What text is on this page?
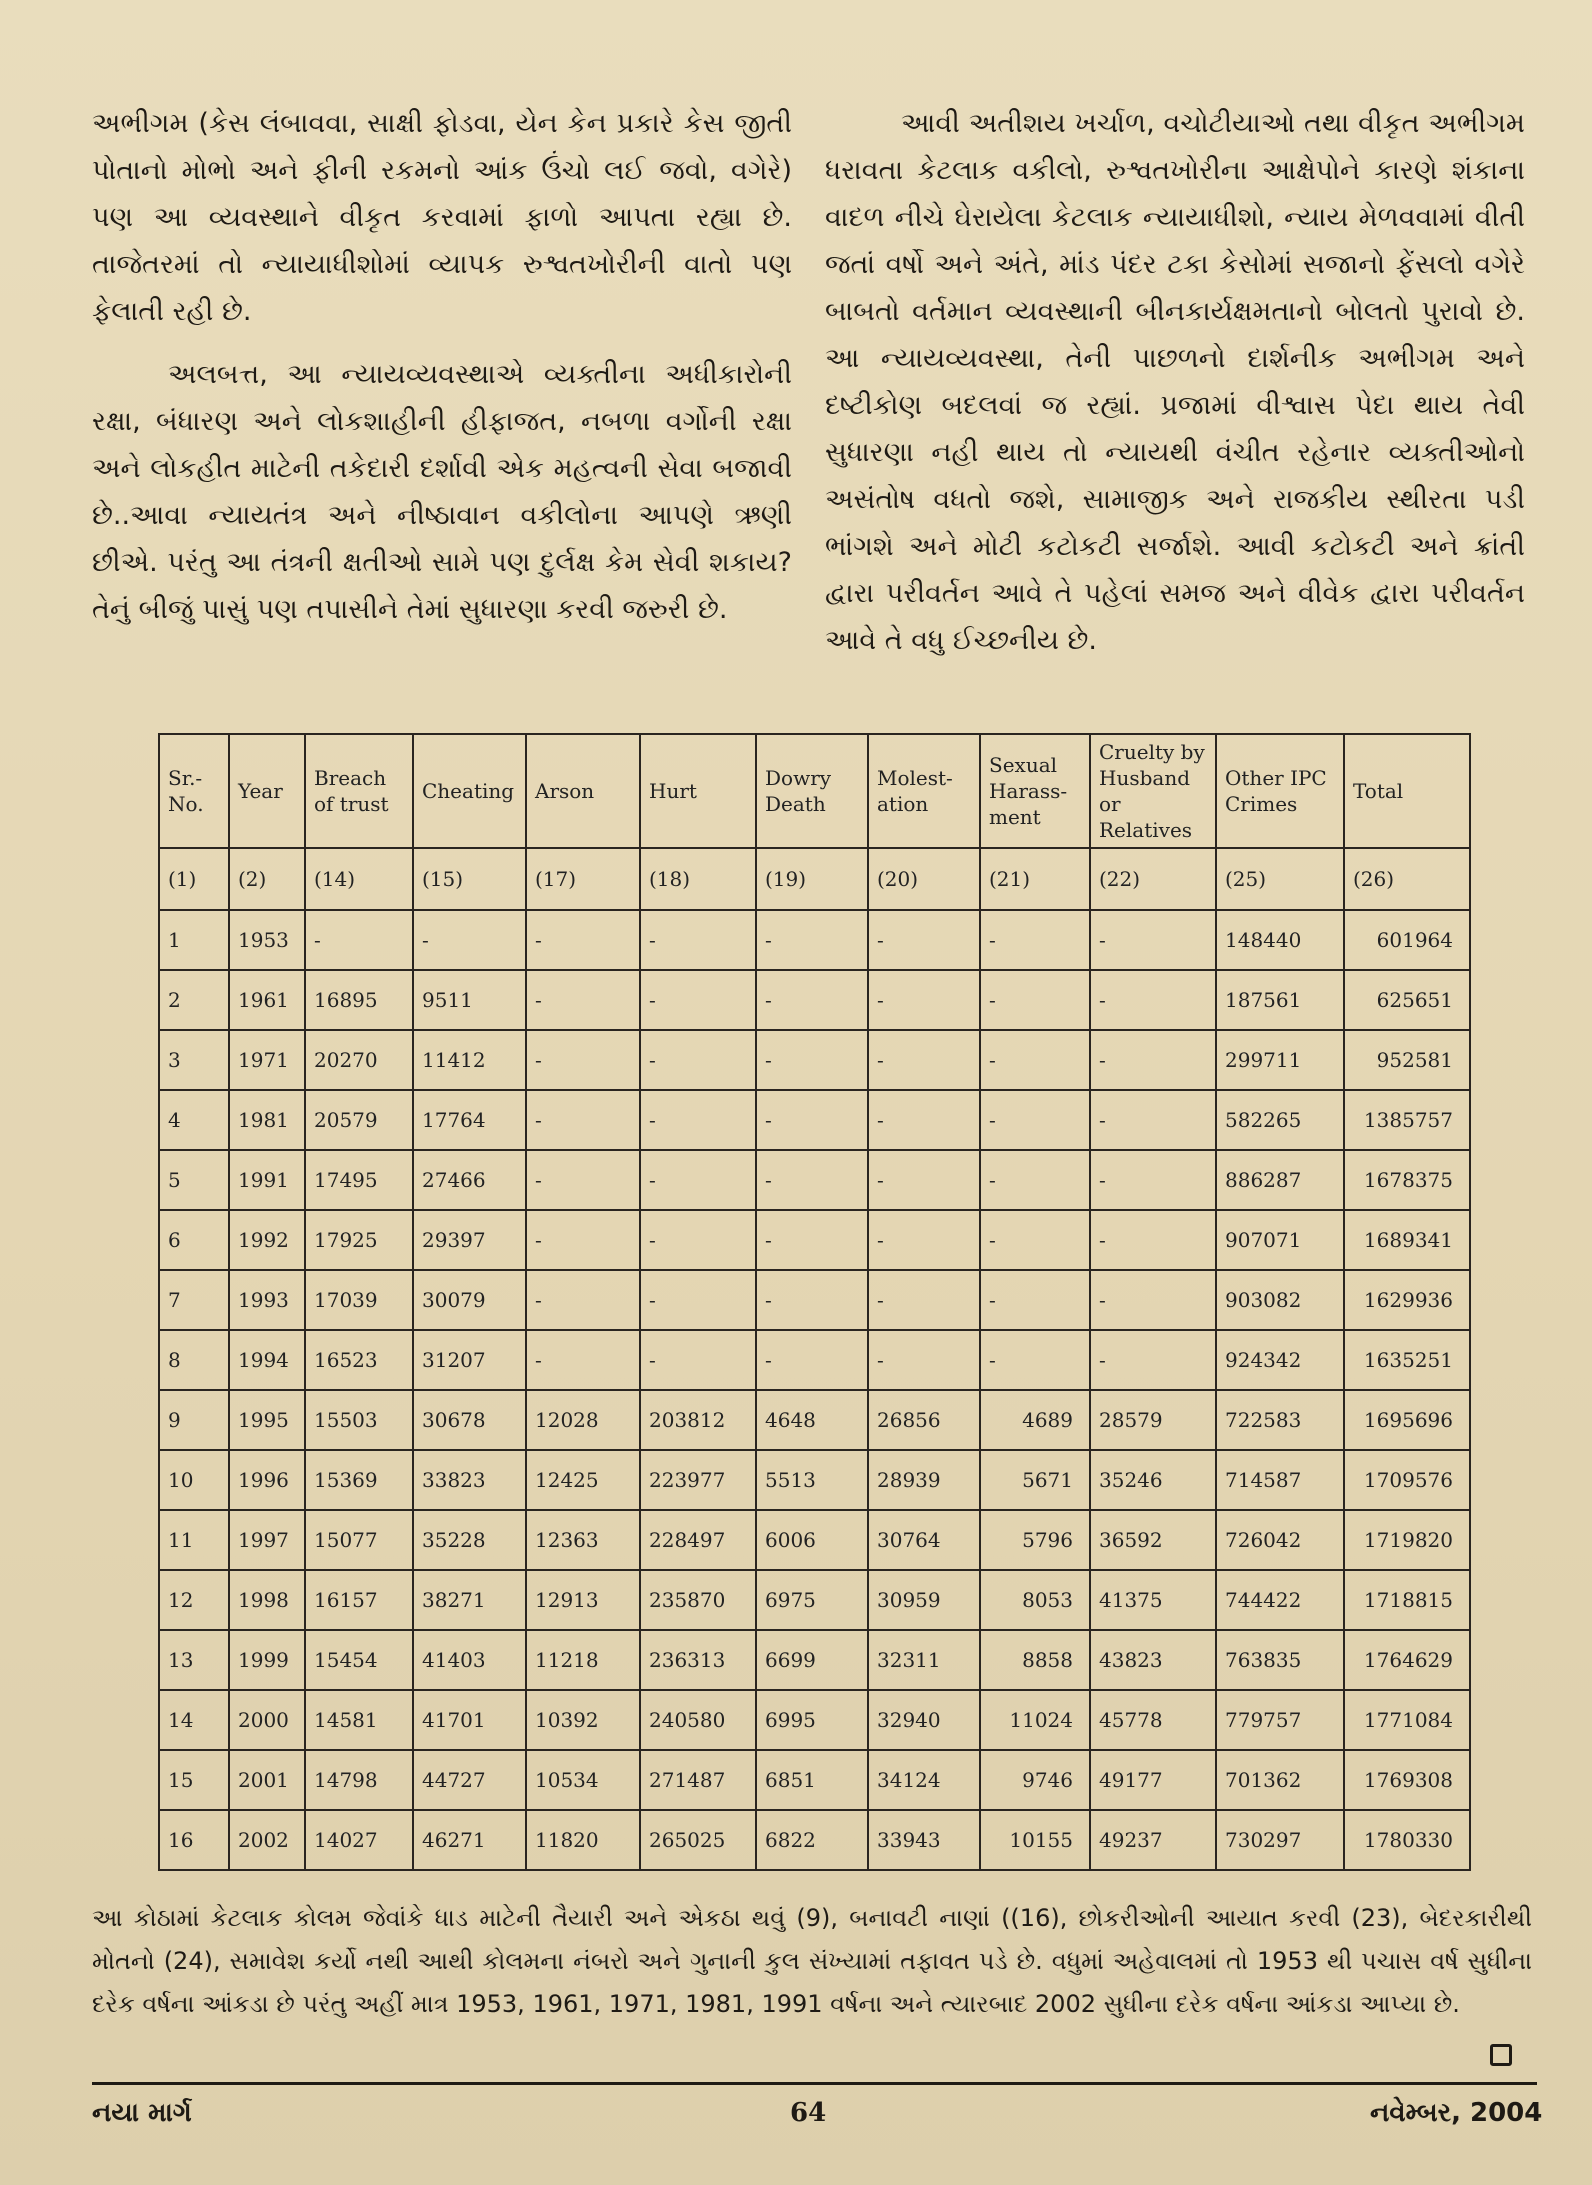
અભીગમ (કેસ લંબાવવા, સાક્ષી ફોડવા, યેન કેન પ્રકારે કેસ જીતી પોતાનો મોભો અને ફીની રકમનો આંક ઉંચો લઈ જવો, વગેરે) પણ આ વ્યવસ્થાને વીકૃત કરવામાં ફાળો આપતા રહ્યા છે. તાજેતરમાં તો ન્યાયાધીશોમાં વ્યાપક રુશ્વતખોરીની વાતો પણ ફેલાતી રહી છે.

અલબત્ત, આ ન્યાયવ્યવસ્થાએ વ્યક્તીના અધીકારોની રક્ષા, બંધારણ અને લોકશાહીની હીફાજત, નબળા વર્ગોની રક્ષા અને લોકહીત માટેની તકેદારી દર્શાવી એક મહત્વની સેવા બજાવી છે..આવા ન્યાયતંત્ર અને નીષ્ઠાવાન વકીલોના આપણે ઋણી છીએ. પરંતુ આ તંત્રની ક્ષતીઓ સામે પણ દુર્લક્ષ કેમ સેવી શકાય? તેનું બીજું પાસું પણ તપાસીને તેમાં સુધારણા કરવી જરુરી છે.

આવી અતીશય ખર્ચાળ, વચોટીયાઓ તથા વીકૃત અભીગમ ધરાવતા કેટલાક વકીલો, રુશ્વતખોરીના આક્ષેપોને કારણે શંકાના વાદળ નીચે ઘેરાયેલા કેટલાક ન્યાયાધીશો, ન્યાય મેળવવામાં વીતી જતાં વર્ષો અને અંતે, માંડ પંદર ટકા કેસોમાં સજાનો ફેંસલો વગેરે બાબતો વર્તમાન વ્યવસ્થાની બીનકાર્યક્ષમતાનો બોલતો પુરાવો છે. આ ન્યાયવ્યવસ્થા, તેની પાછળનો દાર્શનીક અભીગમ અને દષ્ટીકોણ બદલવાં જ રહ્યાં. પ્રજામાં વીશ્વાસ પેદા થાય તેવી સુધારણા નહી થાય તો ન્યાયથી વંચીત રહેનાર વ્યક્તીઓનો અસંતોષ વધતો જશે, સામાજીક અને રાજકીય સ્થીરતા પડી ભાંગશે અને મોટી કટોકટી સર્જાશે. આવી કટોકટી અને ક્રાંતી દ્વારા પરીવર્તન આવે તે પહેલાં સમજ અને વીવેક દ્વારા પરીવર્તન આવે તે વધુ ઈચ્છનીય છે.

Sr.-No.	Year	Breach of trust	Cheating	Arson	Hurt	Dowry Death	Molest-ation	Sexual Harass-ment	Cruelty by Husband or Relatives	Other IPC Crimes	Total
(1)	(2)	(14)	(15)	(17)	(18)	(19)	(20)	(21)	(22)	(25)	(26)
1	1953	-	-	-	-	-	-	-	-	148440	601964
2	1961	16895	9511	-	-	-	-	-	-	187561	625651
3	1971	20270	11412	-	-	-	-	-	-	299711	952581
4	1981	20579	17764	-	-	-	-	-	-	582265	1385757
5	1991	17495	27466	-	-	-	-	-	-	886287	1678375
6	1992	17925	29397	-	-	-	-	-	-	907071	1689341
7	1993	17039	30079	-	-	-	-	-	-	903082	1629936
8	1994	16523	31207	-	-	-	-	-	-	924342	1635251
9	1995	15503	30678	12028	203812	4648	26856	4689	28579	722583	1695696
10	1996	15369	33823	12425	223977	5513	28939	5671	35246	714587	1709576
11	1997	15077	35228	12363	228497	6006	30764	5796	36592	726042	1719820
12	1998	16157	38271	12913	235870	6975	30959	8053	41375	744422	1718815
13	1999	15454	41403	11218	236313	6699	32311	8858	43823	763835	1764629
14	2000	14581	41701	10392	240580	6995	32940	11024	45778	779757	1771084
15	2001	14798	44727	10534	271487	6851	34124	9746	49177	701362	1769308
16	2002	14027	46271	11820	265025	6822	33943	10155	49237	730297	1780330
આ કોઠામાં કેટલાક કોલમ જેવાંકે ધાડ માટેની તૈયારી અને એકઠા થવું (9), બનાવટી નાણાં ((16), છોકરીઓની આયાત કરવી (23), બેદરકારીથી મોતનો (24), સમાવેશ કર્યો નથી આથી કોલમના નંબરો અને ગુનાની કુલ સંખ્યામાં તફાવત પડે છે. વધુમાં અહેવાલમાં તો 1953 થી પચાસ વર્ષ સુધીના દરેક વર્ષના આંકડા છે પરંતુ અહીં માત્ર 1953, 1961, 1971, 1981, 1991 વર્ષના અને ત્યારબાદ 2002 સુધીના દરેક વર્ષના આંકડા આપ્યા છે.
નયા માર્ગ	64	નવેમ્બર, 2004
